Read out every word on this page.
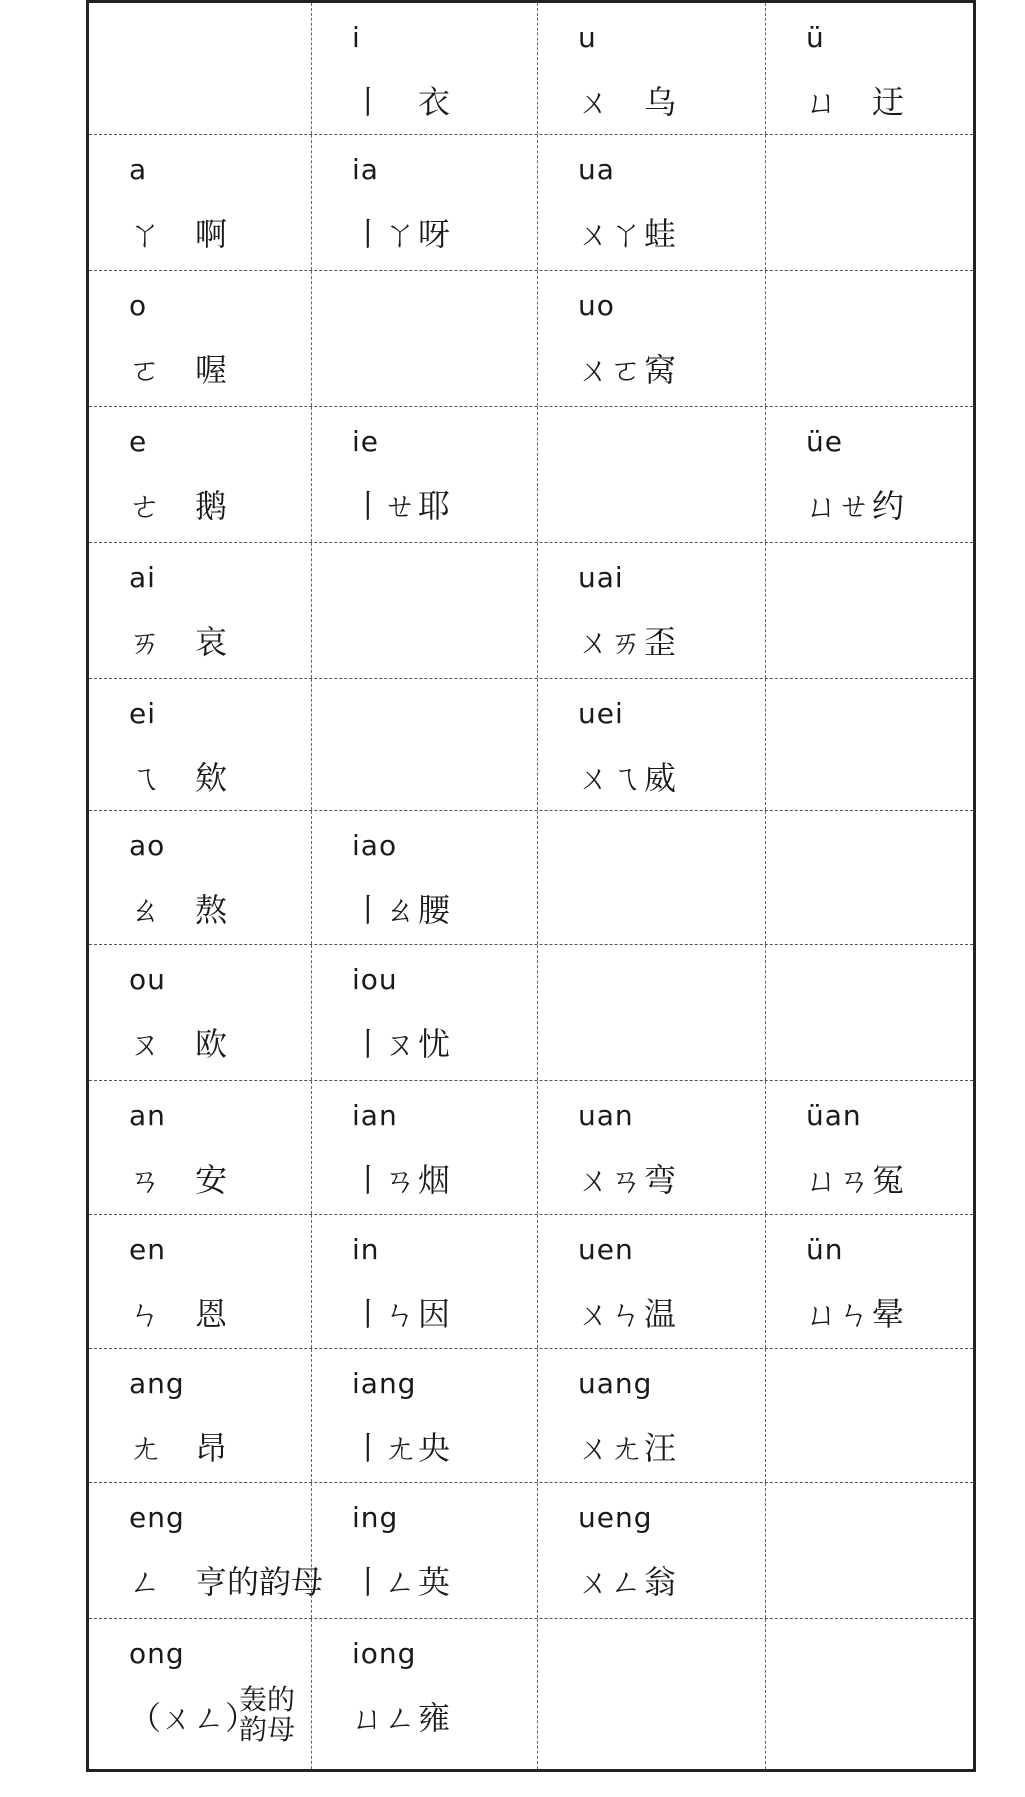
i
丨 衣
u
ㄨ 乌
ü
ㄩ 迂
a
ㄚ 啊
ia
丨ㄚ呀
ua
ㄨㄚ蛙
o
ㄛ 喔
uo
ㄨㄛ窝
e
ㄜ 鹅
ie
丨ㄝ耶
üe
ㄩㄝ约
ai
ㄞ 哀
uai
ㄨㄞ歪
ei
ㄟ 欸
uei
ㄨㄟ威
ao
ㄠ 熬
iao
丨ㄠ腰
ou
ㄡ 欧
iou
丨ㄡ忧
an
ㄢ 安
ian
丨ㄢ烟
uan
ㄨㄢ弯
üan
ㄩㄢ冤
en
ㄣ 恩
in
丨ㄣ因
uen
ㄨㄣ温
ün
ㄩㄣ晕
ang
ㄤ 昂
iang
丨ㄤ央
uang
ㄨㄤ汪
eng
ㄥ 亨的韵母
ing
丨ㄥ英
ueng
ㄨㄥ翁
ong
（ㄨㄥ）
轰的
韵母
iong
ㄩㄥ雍
